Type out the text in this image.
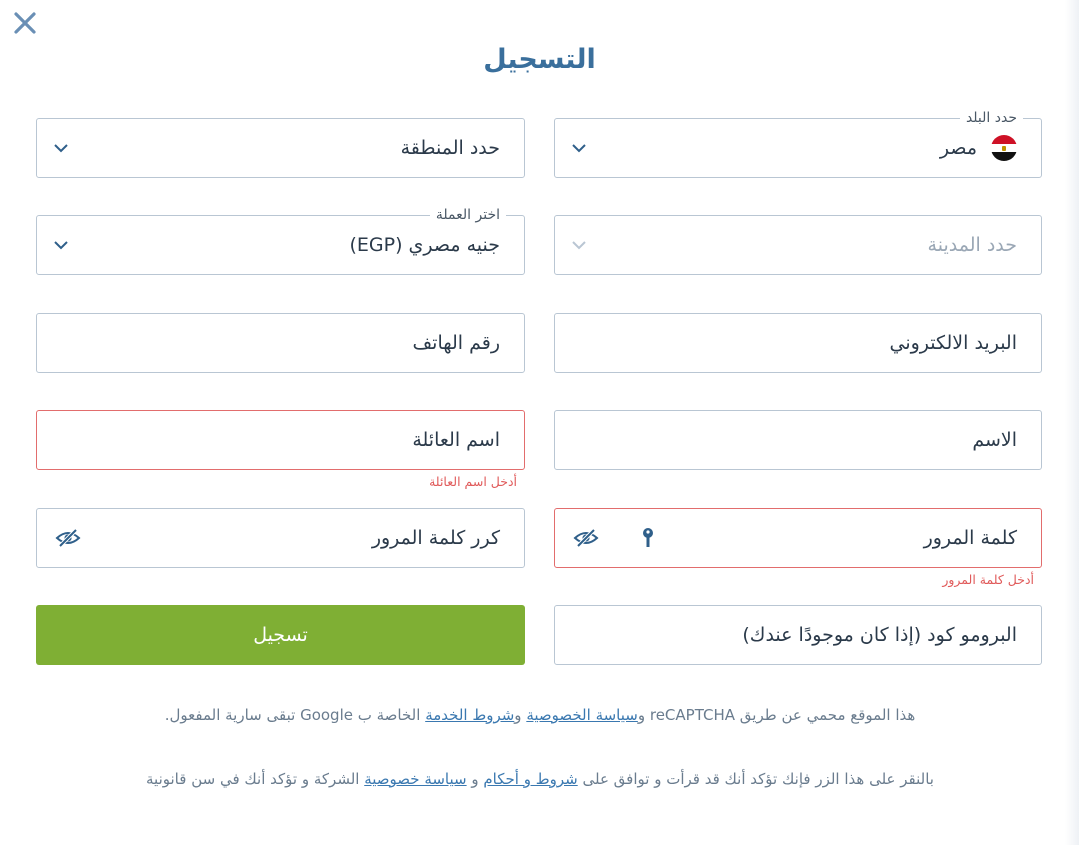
التسجيل
حدد البلد
مصر
حدد المنطقة
حدد المدينة
اختر العملة
جنيه مصري (EGP)
البريد الالكتروني
رقم الهاتف
الاسم
اسم العائلة
أدخل اسم العائلة
كلمة المرور
أدخل كلمة المرور
كرر كلمة المرور
البرومو كود (إذا كان موجودًا عندك)
تسجيل
هذا الموقع محمي عن طريق reCAPTCHA وسياسة الخصوصية وشروط الخدمة الخاصة ب Google تبقى سارية المفعول.
بالنقر على هذا الزر فإنك تؤكد أنك قد قرأت و توافق على شروط و أحكام و سياسة خصوصية الشركة و تؤكد أنك في سن قانونية
